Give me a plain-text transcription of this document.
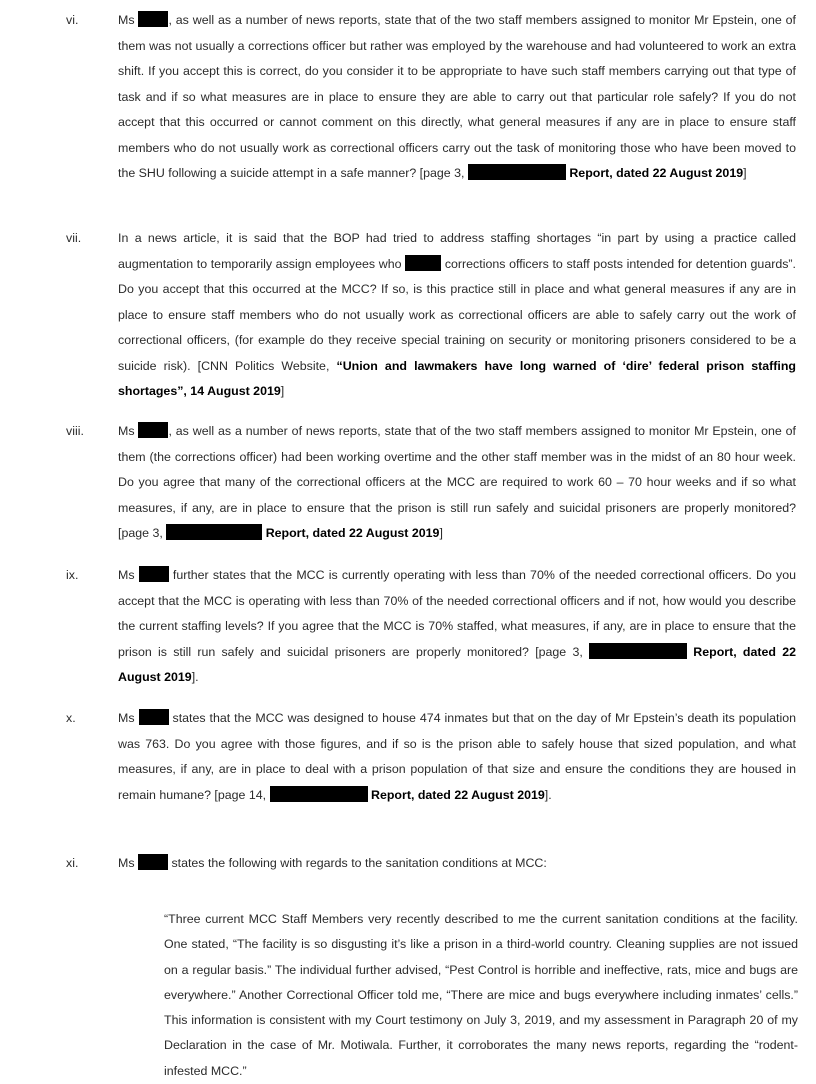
vi.	Ms	, as well as a number of news reports, state that of the two staff members assigned to monitor Mr Epstein, one of them was not usually a corrections officer but rather was employed by the warehouse and had volunteered to work an extra shift. If you accept this is correct, do you consider it to be appropriate to have such staff members carrying out that type of task and if so what measures are in place to ensure they are able to carry out that particular role safely? If you do not accept that this occurred or cannot comment on this directly, what general measures if any are in place to ensure staff members who do not usually work as correctional officers carry out the task of monitoring those who have been moved to the SHU following a suicide attempt in a safe manner? [page 3,	Report, dated 22 August 2019]
vii.	In a news article, it is said that the BOP had tried to address staffing shortages “in part by using a practice called augmentation to temporarily assign employees who	corrections officers to staff posts intended for detention guards”. Do you accept that this occurred at the MCC? If so, is this practice still in place and what general measures if any are in place to ensure staff members who do not usually work as correctional officers are able to safely carry out the work of correctional officers, (for example do they receive special training on security or monitoring prisoners considered to be a suicide risk). [CNN Politics Website, “Union and lawmakers have long warned of ‘dire’ federal prison staffing shortages”, 14 August 2019]
viii.	Ms	, as well as a number of news reports, state that of the two staff members assigned to monitor Mr Epstein, one of them (the corrections officer) had been working overtime and the other staff member was in the midst of an 80 hour week. Do you agree that many of the correctional officers at the MCC are required to work 60 – 70 hour weeks and if so what measures, if any, are in place to ensure that the prison is still run safely and suicidal prisoners are properly monitored? [page 3,	Report, dated 22 August 2019]
ix.	Ms	further states that the MCC is currently operating with less than 70% of the needed correctional officers. Do you accept that the MCC is operating with less than 70% of the needed correctional officers and if not, how would you describe the current staffing levels? If you agree that the MCC is 70% staffed, what measures, if any, are in place to ensure that the prison is still run safely and suicidal prisoners are properly monitored? [page 3,	Report, dated 22 August 2019].
x.	Ms	states that the MCC was designed to house 474 inmates but that on the day of Mr Epstein’s death its population was 763. Do you agree with those figures, and if so is the prison able to safely house that sized population, and what measures, if any, are in place to deal with a prison population of that size and ensure the conditions they are housed in remain humane? [page 14,	Report, dated 22 August 2019].
xi.	Ms	states the following with regards to the sanitation conditions at MCC:
“Three current MCC Staff Members very recently described to me the current sanitation conditions at the facility. One stated, “The facility is so disgusting it’s like a prison in a third-world country. Cleaning supplies are not issued on a regular basis.” The individual further advised, “Pest Control is horrible and ineffective, rats, mice and bugs are everywhere.” Another Correctional Officer told me, “There are mice and bugs everywhere including inmates’ cells.” This information is consistent with my Court testimony on July 3, 2019, and my assessment in Paragraph 20 of my Declaration in the case of Mr. Motiwala. Further, it corroborates the many news reports, regarding the “rodent-infested MCC.”
